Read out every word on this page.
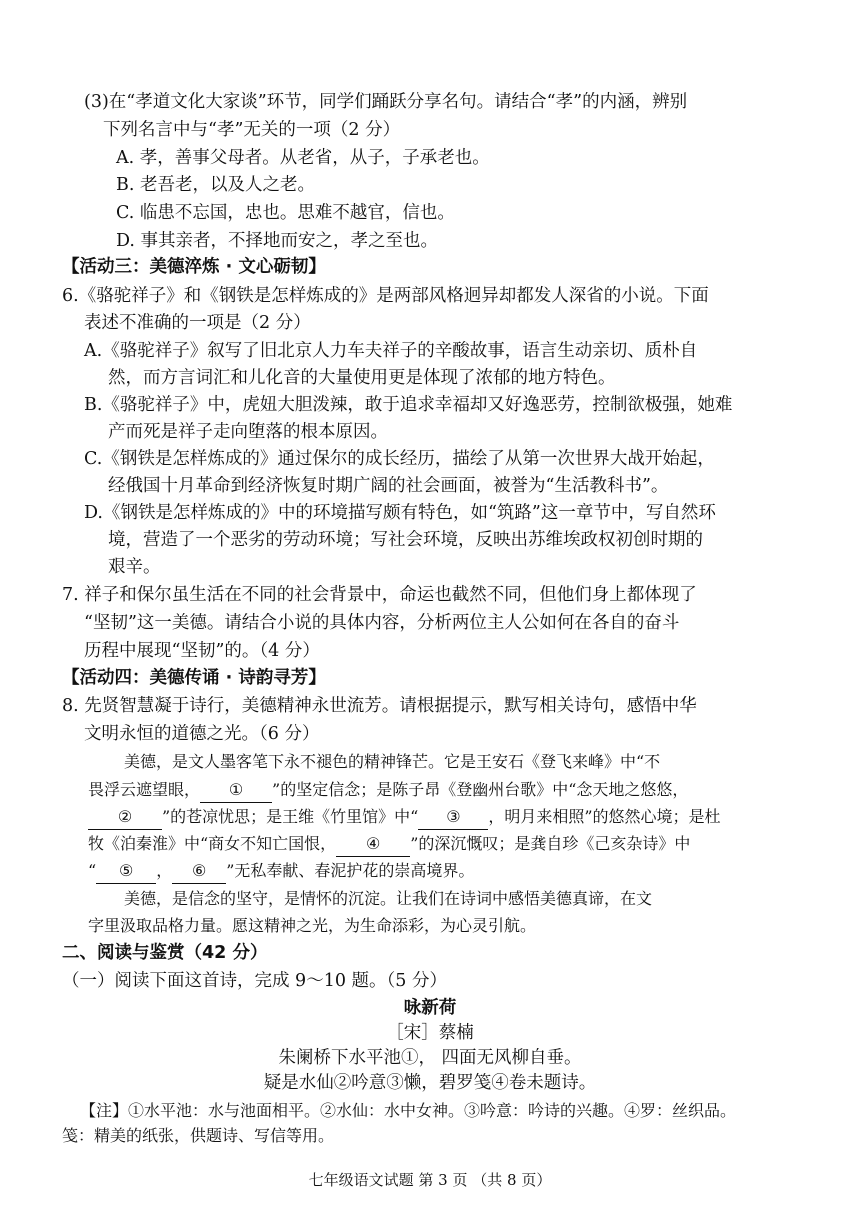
(3)在“孝道文化大家谈”环节，同学们踊跃分享名句。请结合“孝”的内涵，辨别
下列名言中与“孝”无关的一项（2 分）
A. 孝，善事父母者。从老省，从子，子承老也。
B. 老吾老，以及人之老。
C. 临患不忘国，忠也。思难不越官，信也。
D. 事其亲者，不择地而安之，孝之至也。
【活动三：美德淬炼 · 文心砺韧】
6.《骆驼祥子》和《钢铁是怎样炼成的》是两部风格迥异却都发人深省的小说。下面
表述不准确的一项是（2 分）
A.《骆驼祥子》叙写了旧北京人力车夫祥子的辛酸故事，语言生动亲切、质朴自
然，而方言词汇和儿化音的大量使用更是体现了浓郁的地方特色。
B.《骆驼祥子》中，虎妞大胆泼辣，敢于追求幸福却又好逸恶劳，控制欲极强，她难
产而死是祥子走向堕落的根本原因。
C.《钢铁是怎样炼成的》通过保尔的成长经历，描绘了从第一次世界大战开始起，
经俄国十月革命到经济恢复时期广阔的社会画面，被誉为“生活教科书”。
D.《钢铁是怎样炼成的》中的环境描写颇有特色，如“筑路”这一章节中，写自然环
境，营造了一个恶劣的劳动环境；写社会环境，反映出苏维埃政权初创时期的
艰辛。
7. 祥子和保尔虽生活在不同的社会背景中，命运也截然不同，但他们身上都体现了
“坚韧”这一美德。请结合小说的具体内容，分析两位主人公如何在各自的奋斗
历程中展现“坚韧”的。（4 分）
【活动四：美德传诵 · 诗韵寻芳】
8. 先贤智慧凝于诗行，美德精神永世流芳。请根据提示，默写相关诗句，感悟中华
文明永恒的道德之光。（6 分）
美德，是文人墨客笔下永不褪色的精神锋芒。它是王安石《登飞来峰》中“不
畏浮云遮望眼， ① ”的坚定信念；是陈子昂《登幽州台歌》中“念天地之悠悠，
② ”的苍凉忧思；是王维《竹里馆》中“ ③ ，明月来相照”的悠然心境；是杜
牧《泊秦淮》中“商女不知亡国恨， ④ ”的深沉慨叹；是龚自珍《己亥杂诗》中
“ ⑤ ， ⑥ ”无私奉献、春泥护花的崇高境界。
美德，是信念的坚守，是情怀的沉淀。让我们在诗词中感悟美德真谛，在文
字里汲取品格力量。愿这精神之光，为生命添彩，为心灵引航。
二、阅读与鉴赏（42 分）
（一）阅读下面这首诗，完成 9～10 题。（5 分）
咏新荷
［宋］蔡楠
朱阑桥下水平池①， 四面无风柳自垂。
疑是水仙②吟意③懒，碧罗笺④卷未题诗。
【注】①水平池：水与池面相平。②水仙：水中女神。③吟意：吟诗的兴趣。④罗：丝织品。
笺：精美的纸张，供题诗、写信等用。
七年级语文试题 第 3 页 （共 8 页）
